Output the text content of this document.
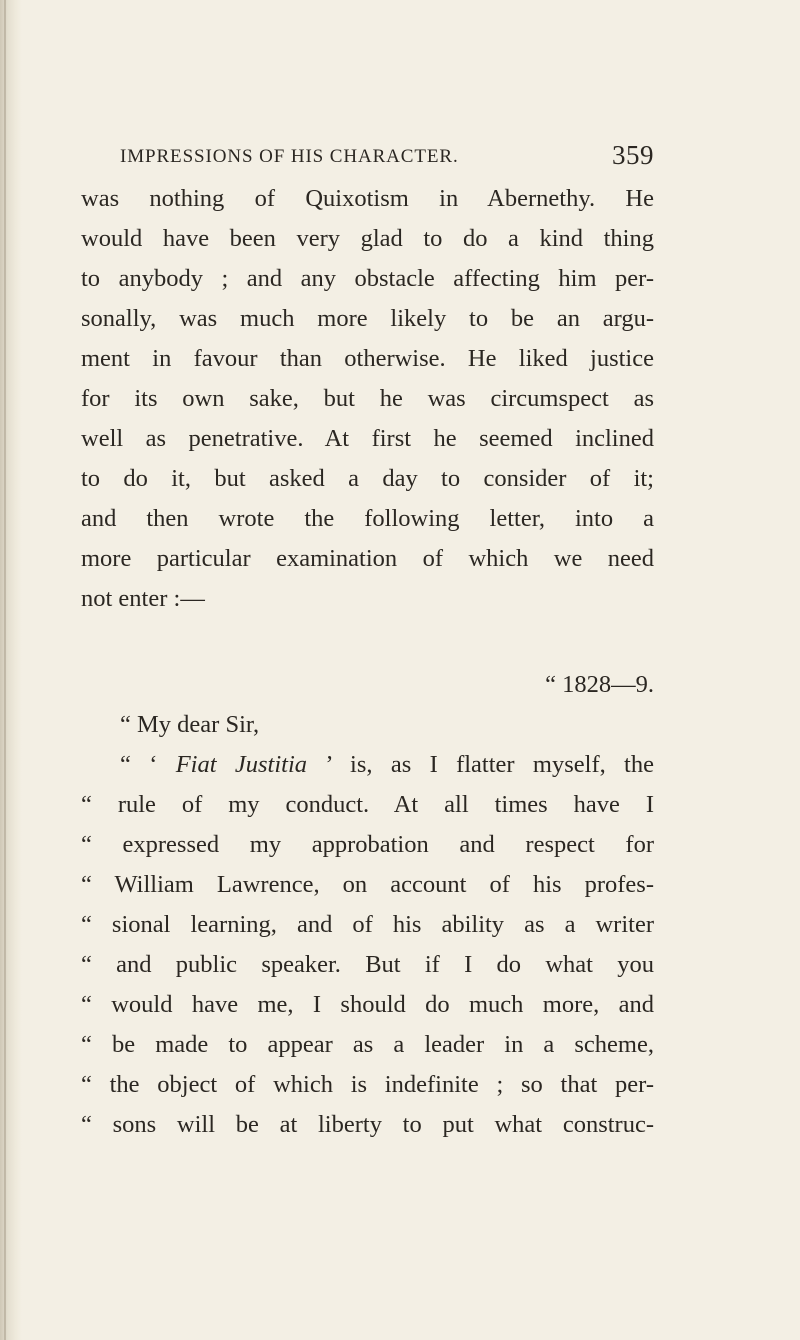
IMPRESSIONS OF HIS CHARACTER.	359
was nothing of Quixotism in Abernethy. He
would have been very glad to do a kind thing
to anybody ; and any obstacle affecting him per-
sonally, was much more likely to be an argu-
ment in favour than otherwise. He liked justice
for its own sake, but he was circumspect as
well as penetrative. At first he seemed inclined
to do it, but asked a day to consider of it;
and then wrote the following letter, into a
more particular examination of which we need
not enter :—
“ 1828—9.
“ My dear Sir,
“ ‘ Fiat Justitia ’ is, as I flatter myself, the
“ rule of my conduct. At all times have I
“ expressed my approbation and respect for
“ William Lawrence, on account of his profes-
“ sional learning, and of his ability as a writer
“ and public speaker. But if I do what you
“ would have me, I should do much more, and
“ be made to appear as a leader in a scheme,
“ the object of which is indefinite ; so that per-
“ sons will be at liberty to put what construc-
